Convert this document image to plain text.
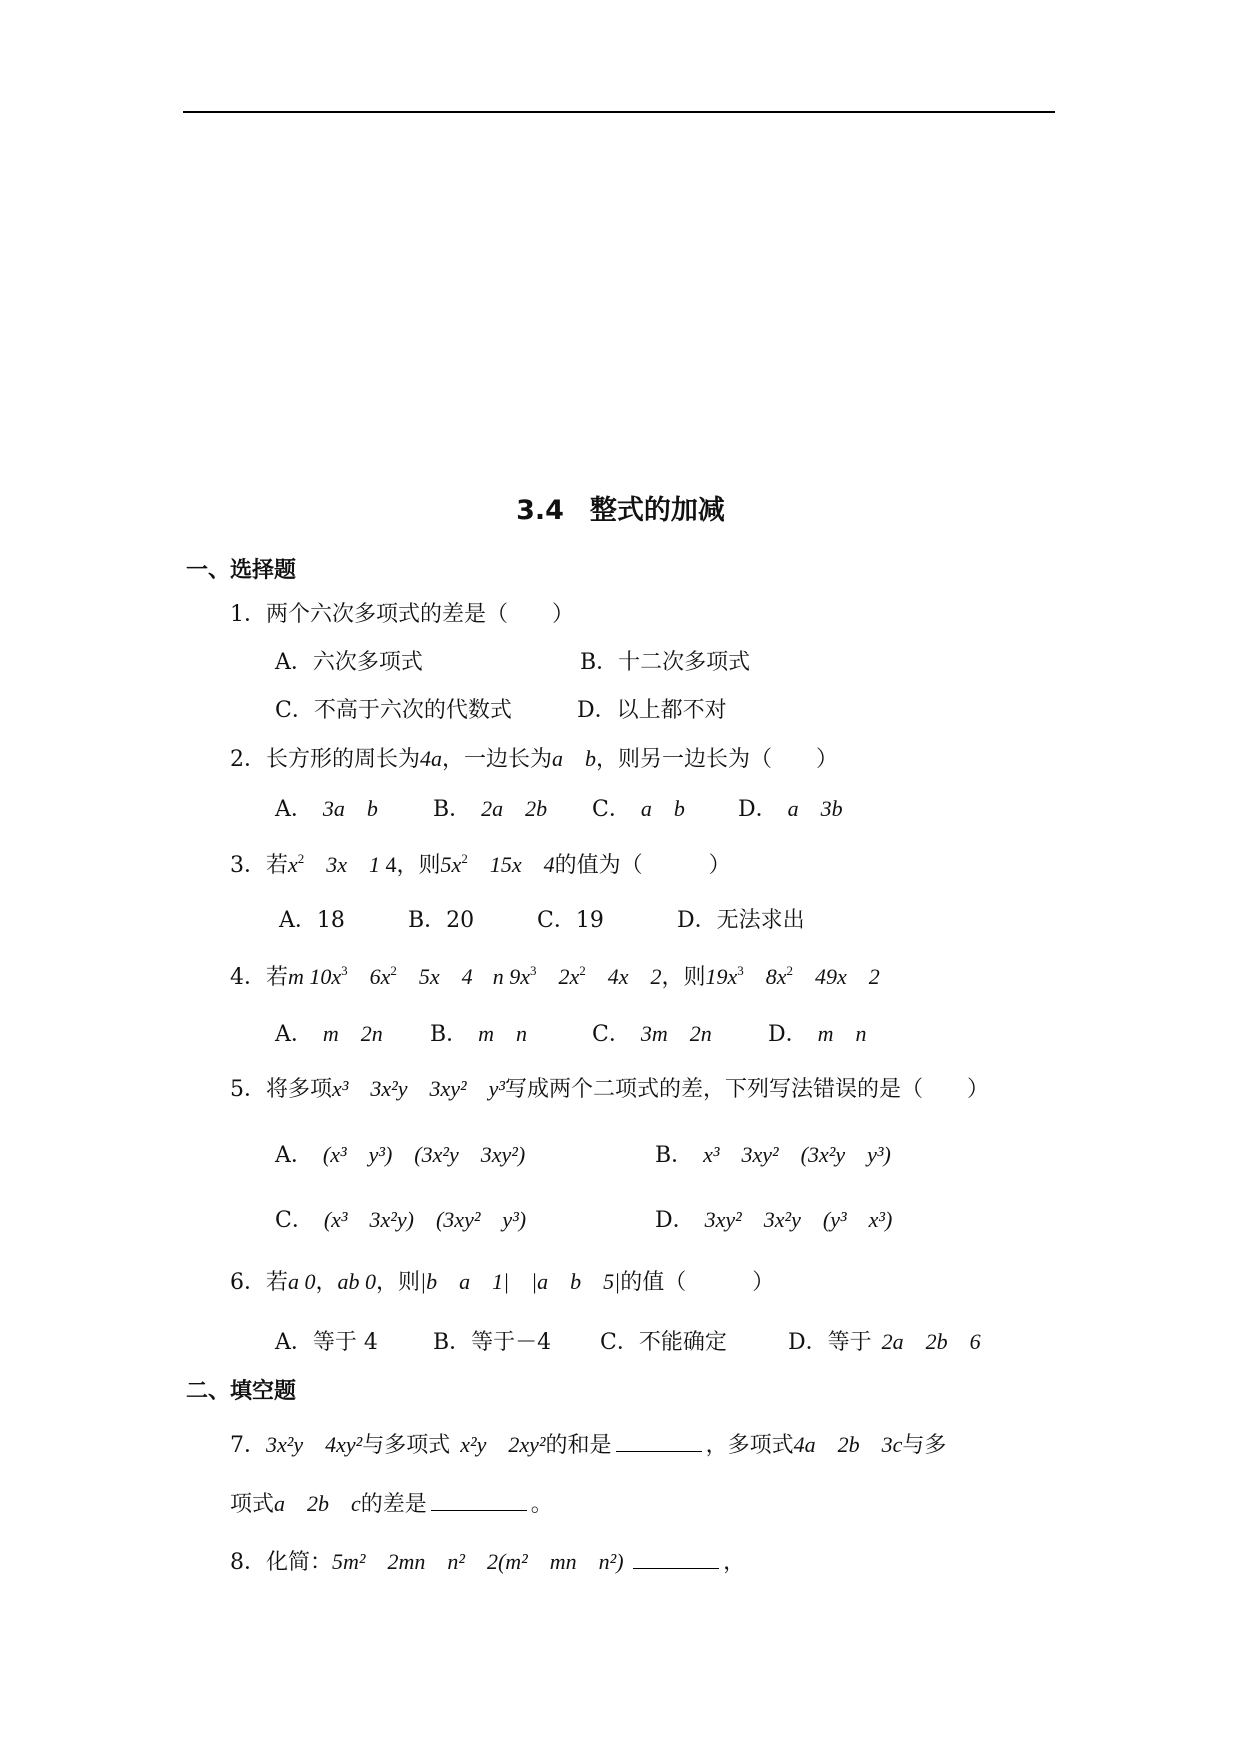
3.4 整式的加减
一、选择题
1．两个六次多项式的差是（　　）
A．六次多项式	B．十二次多项式
C．不高于六次的代数式	D．以上都不对
2．长方形的周长为4a，一边长为a　b，则另一边长为（　　）
A． 3a　b	B． 2a　2b C． a　b D． a　3b
3．若$x^2$　3x　1 4，则$5x^2$　15x　4的值为（　　　）
A．18	B．20	C．19	D．无法求出
4．若m $10x^3$　$6x^2$　5x　4 n $9x^3$　$2x^2$　4x　2，则$19x^3$　$8x^2$　49x　2
A． m　2n B． m　n	C． 3m　2n	D． m　n
5．将多项x³　3x²y　3xy²　y³写成两个二项式的差，下列写法错误的是（　　）
A． (x³　y³)　(3x²y　3xy²)	B． x³　3xy²　(3x²y　y³)
C． (x³　3x²y)　(3xy²　y³)	D． 3xy²　3x²y　(y³　x³)
6．若a 0，ab 0，则|b　a　1|　|a　b　5|的值（　　　）
A．等于 4	B．等于－4 C．不能确定	D．等于 2a　2b　6
二、填空题
7．3x²y　4xy²与多项式 x²y　2xy²的和是	，多项式4a　2b　3c与多
项式a　2b　c的差是	。
8．化简：5m²　2mn　n²　2(m²　mn　n²)	，
